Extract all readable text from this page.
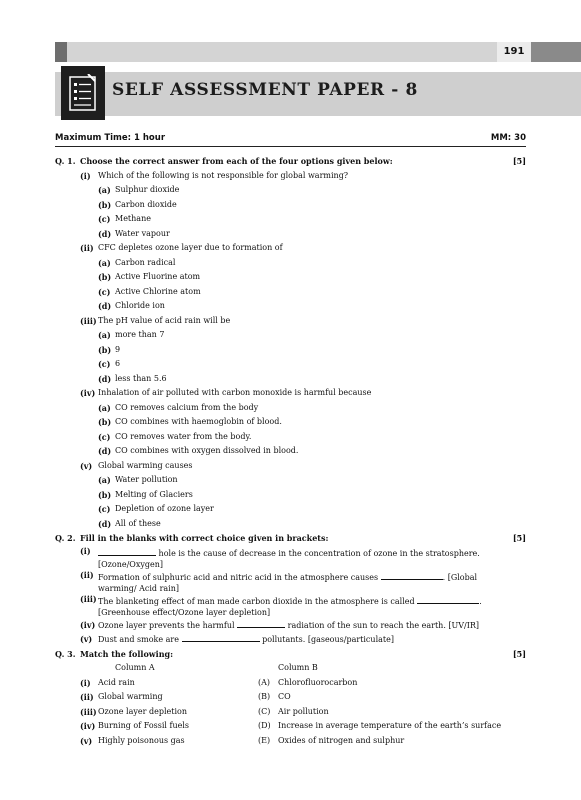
191
SELF ASSESSMENT PAPER - 8
Maximum Time: 1 hour	MM: 30
Q. 1. Choose the correct answer from each of the four options given below:	[5]
(i) Which of the following is not responsible for global warming?
(a) Sulphur dioxide
(b) Carbon dioxide
(c) Methane
(d) Water vapour
(ii) CFC depletes ozone layer due to formation of
(a) Carbon radical
(b) Active Fluorine atom
(c) Active Chlorine atom
(d) Chloride ion
(iii) The pH value of acid rain will be
(a) more than 7
(b) 9
(c) 6
(d) less than 5.6
(iv) Inhalation of air polluted with carbon monoxide is harmful because
(a) CO removes calcium from the body
(b) CO combines with haemoglobin of blood.
(c) CO removes water from the body.
(d) CO combines with oxygen dissolved in blood.
(v) Global warming causes
(a) Water pollution
(b) Melting of Glaciers
(c) Depletion of ozone layer
(d) All of these
Q. 2. Fill in the blanks with correct choice given in brackets:	[5]
(i)	hole is the cause of decrease in the concentration of ozone in the stratosphere. [Ozone/Oxygen]
(ii) Formation of sulphuric acid and nitric acid in the atmosphere causes	. [Global warming/ Acid rain]
(iii) The blanketing effect of man made carbon dioxide in the atmosphere is called	. [Greenhouse effect/Ozone layer depletion]
(iv) Ozone layer prevents the harmful	radiation of the sun to reach the earth. [UV/IR]
(v) Dust and smoke are	pollutants. [gaseous/particulate]
Q. 3. Match the following:	[5]
Column A	Column B
(i) Acid rain	(A) Chlorofluorocarbon
(ii) Global warming	(B) CO
(iii) Ozone layer depletion	(C) Air pollution
(iv) Burning of Fossil fuels	(D) Increase in average temperature of the earth’s surface
(v) Highly poisonous gas	(E) Oxides of nitrogen and sulphur
